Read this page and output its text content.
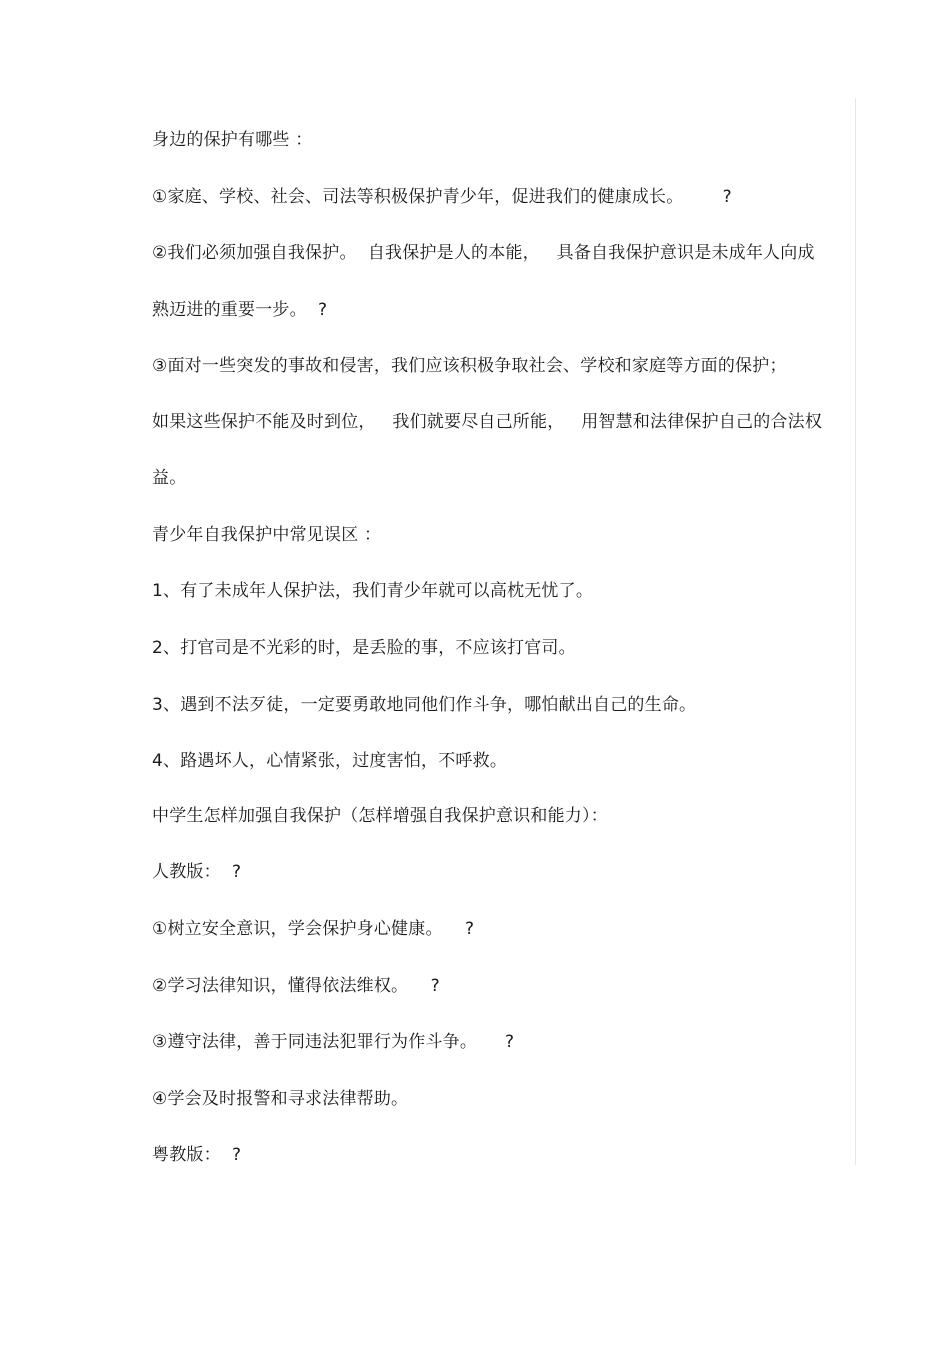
身边的保护有哪些 ：
①家庭、学校、社会、司法等积极保护青少年，促进我们的健康成长。       ?
②我们必须加强自我保护。  自我保护是人的本能，   具备自我保护意识是未成年人向成
熟迈进的重要一步。  ?
③面对一些突发的事故和侵害，我们应该积极争取社会、学校和家庭等方面的保护；
如果这些保护不能及时到位，   我们就要尽自己所能，   用智慧和法律保护自己的合法权
益。
青少年自我保护中常见误区 ：
1、有了未成年人保护法，我们青少年就可以高枕无忧了。
2、打官司是不光彩的时，是丢脸的事，不应该打官司。
3、遇到不法歹徒，一定要勇敢地同他们作斗争，哪怕献出自己的生命。
4、路遇坏人，心情紧张，过度害怕，不呼救。
中学生怎样加强自我保护（怎样增强自我保护意识和能力）：
人教版：  ?
①树立安全意识，学会保护身心健康。    ?
②学习法律知识，懂得依法维权。    ?
③遵守法律，善于同违法犯罪行为作斗争。     ?
④学会及时报警和寻求法律帮助。
粤教版：  ?
